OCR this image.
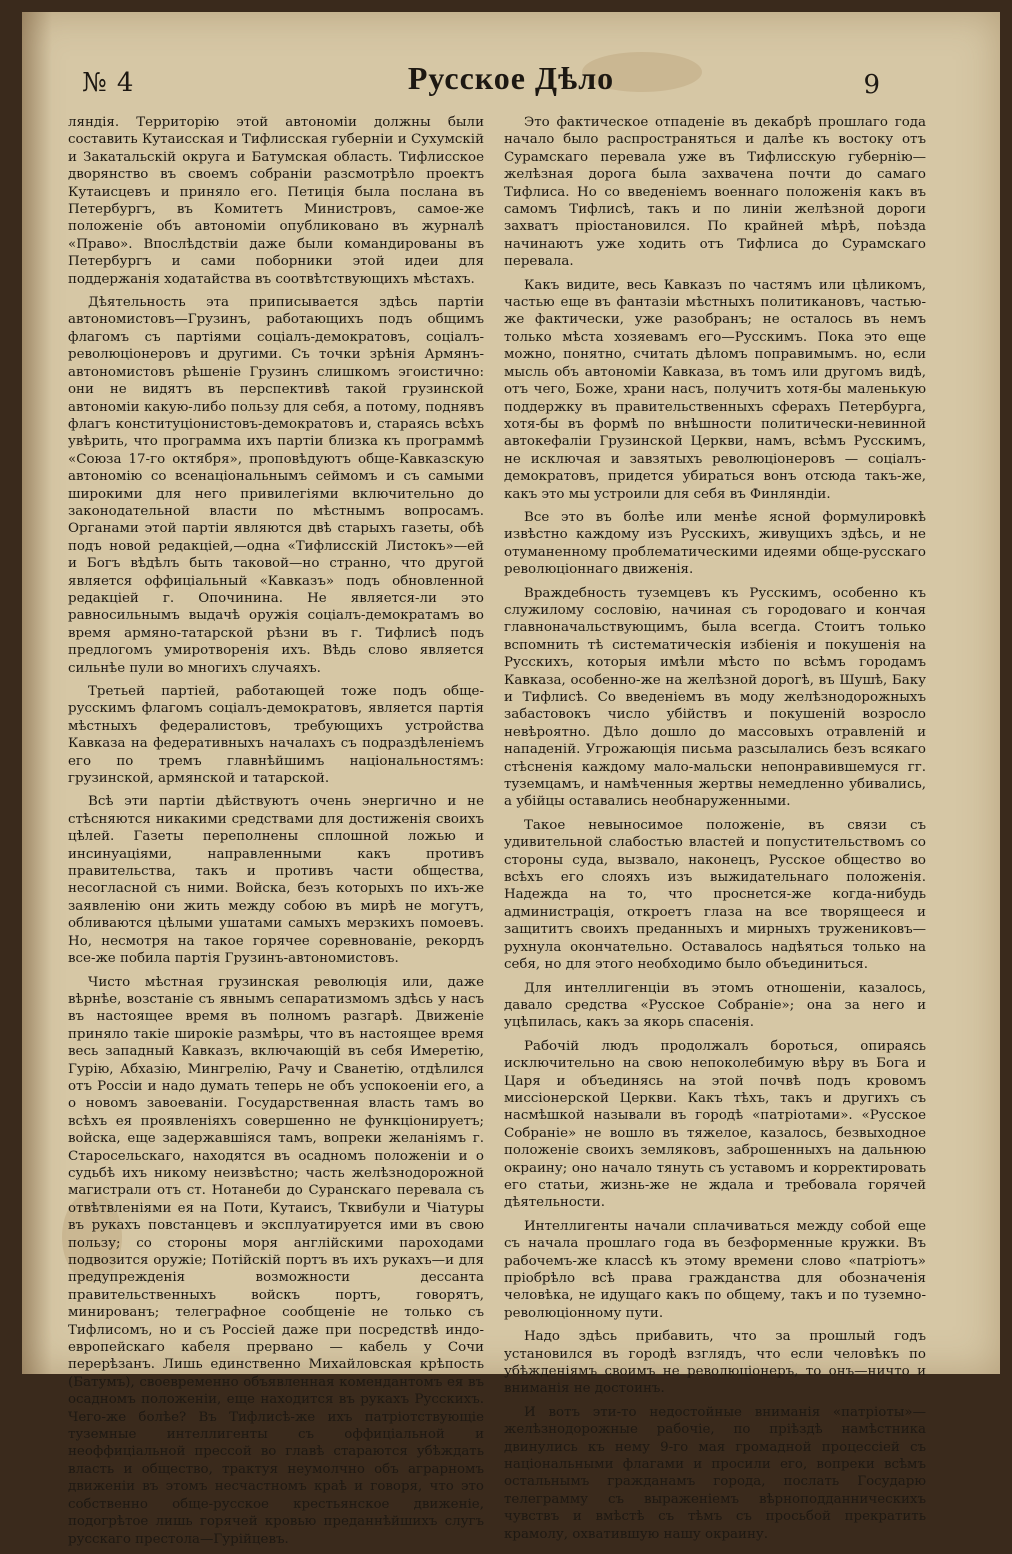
№ 4	Русское Дѣло	9

ляндія. Территорію этой автономіи должны были составить Кутаисская и Тифлисская губерніи и Сухумскій и Закатальскій округа и Батумская область. Тифлисское дворянство въ своемъ собраніи разсмотрѣло проектъ Кутаисцевъ и приняло его. Петиція была послана въ Петербургъ, въ Комитетъ Министровъ, самое-же положеніе объ автономіи опубликовано въ журналѣ «Право». Впослѣдствіи даже были командированы въ Петербургъ и сами поборники этой идеи для поддержанія ходатайства въ соотвѣтствующихъ мѣстахъ.

Дѣятельность эта приписывается здѣсь партіи автономистовъ—Грузинъ, работающихъ подъ общимъ флагомъ съ партіями соціалъ-демократовъ, соціалъ-революціонеровъ и другими. Съ точки зрѣнія Армянъ-автономистовъ рѣшеніе Грузинъ слишкомъ эгоистично: они не видятъ въ перспективѣ такой грузинской автономіи какую-либо пользу для себя, а потому, поднявъ флагъ конституціонистовъ-демократовъ и, стараясь всѣхъ увѣрить, что программа ихъ партіи близка къ программѣ «Союза 17-го октября», проповѣдуютъ обще-Кавказскую автономію со всенаціональнымъ сеймомъ и съ самыми широкими для него привилегіями включительно до законодательной власти по мѣстнымъ вопросамъ. Органами этой партіи являются двѣ старыхъ газеты, обѣ подъ новой редакціей,—одна «Тифлисскій Листокъ»—ей и Богъ вѣдѣлъ быть таковой—но странно, что другой является оффиціальный «Кавказъ» подъ обновленной редакціей г. Опочинина. Не является-ли это равносильнымъ выдачѣ оружія соціалъ-демократамъ во время армяно-татарской рѣзни въ г. Тифлисѣ подъ предлогомъ умиротворенія ихъ. Вѣдь слово является сильнѣе пули во многихъ случаяхъ.

Третьей партіей, работающей тоже подъ обще-русскимъ флагомъ соціалъ-демократовъ, является партія мѣстныхъ федералистовъ, требующихъ устройства Кавказа на федеративныхъ началахъ съ подраздѣленіемъ его по тремъ главнѣйшимъ національностямъ: грузинской, армянской и татарской.

Всѣ эти партіи дѣйствуютъ очень энергично и не стѣсняются никакими средствами для достиженія своихъ цѣлей. Газеты переполнены сплошной ложью и инсинуаціями, направленными какъ противъ правительства, такъ и противъ части общества, несогласной съ ними. Войска, безъ которыхъ по ихъ-же заявленію они жить между собою въ мирѣ не могутъ, обливаются цѣлыми ушатами самыхъ мерзкихъ помоевъ. Но, несмотря на такое горячее соревнованіе, рекордъ все-же побила партія Грузинъ-автономистовъ.

Чисто мѣстная грузинская революція или, даже вѣрнѣе, возстаніе съ явнымъ сепаратизмомъ здѣсь у насъ въ настоящее время въ полномъ разгарѣ. Движеніе приняло такіе широкіе размѣры, что въ настоящее время весь западный Кавказъ, включающій въ себя Имеретію, Гурію, Абхазію, Мингрелію, Рачу и Сванетію, отдѣлился отъ Россіи и надо думать теперь не объ успокоеніи его, а о новомъ завоеваніи. Государственная власть тамъ во всѣхъ ея проявленіяхъ совершенно не функціонируетъ; войска, еще задержавшіяся тамъ, вопреки желаніямъ г. Старосельскаго, находятся въ осадномъ положеніи и о судьбѣ ихъ никому неизвѣстно; часть желѣзнодорожной магистрали отъ ст. Нотанеби до Суранскаго перевала съ отвѣтвленіями ея на Поти, Кутаисъ, Тквибули и Чіатуры въ рукахъ повстанцевъ и эксплуатируется ими въ свою пользу; со стороны моря англійскими пароходами подвозится оружіе; Потійскій портъ въ ихъ рукахъ—и для предупрежденія возможности дессанта правительственныхъ войскъ портъ, говорятъ, минированъ; телеграфное сообщеніе не только съ Тифлисомъ, но и съ Россіей даже при посредствѣ индо-европейскаго кабеля прервано — кабель у Сочи перерѣзанъ. Лишь единственно Михайловская крѣпость (Батумъ), своевременно объявленная комендантомъ ея въ осадномъ положеніи, еще находится въ рукахъ Русскихъ. Чего-же болѣе? Въ Тифлисѣ-же ихъ патріотствующіе туземные интеллигенты съ оффиціальной и неоффиціальной прессой во главѣ стараются убѣждать власть и общество, трактуя неумолчно объ аграрномъ движеніи въ этомъ несчастномъ краѣ и говоря, что это собственно обще-русское крестьянское движеніе, подогрѣтое лишь горячей кровью преданнѣйшихъ слугъ русскаго престола—Гурійцевъ.

Это фактическое отпаденіе въ декабрѣ прошлаго года начало было распространяться и далѣе къ востоку отъ Сурамскаго перевала уже въ Тифлисскую губернію—желѣзная дорога была захвачена почти до самаго Тифлиса. Но со введеніемъ военнаго положенія какъ въ самомъ Тифлисѣ, такъ и по линіи желѣзной дороги захватъ пріостановился. По крайней мѣрѣ, поѣзда начинаютъ уже ходить отъ Тифлиса до Сурамскаго перевала.

Какъ видите, весь Кавказъ по частямъ или цѣликомъ, частью еще въ фантазіи мѣстныхъ политикановъ, частью-же фактически, уже разобранъ; не осталось въ немъ только мѣста хозяевамъ его—Русскимъ. Пока это еще можно, понятно, считать дѣломъ поправимымъ. но, если мысль объ автономіи Кавказа, въ томъ или другомъ видѣ, отъ чего, Боже, храни насъ, получитъ хотя-бы маленькую поддержку въ правительственныхъ сферахъ Петербурга, хотя-бы въ формѣ по внѣшности политически-невинной автокефаліи Грузинской Церкви, намъ, всѣмъ Русскимъ, не исключая и завзятыхъ революціонеровъ — соціалъ-демократовъ, придется убираться вонъ отсюда такъ-же, какъ это мы устроили для себя въ Финляндіи.

Все это въ болѣе или менѣе ясной формулировкѣ извѣстно каждому изъ Русскихъ, живущихъ здѣсь, и не отуманенному проблематическими идеями обще-русскаго революціоннаго движенія.

Враждебность туземцевъ къ Русскимъ, особенно къ служилому сословію, начиная съ городоваго и кончая главноначальствующимъ, была всегда. Стоитъ только вспомнить тѣ систематическія избіенія и покушенія на Русскихъ, которыя имѣли мѣсто по всѣмъ городамъ Кавказа, особенно-же на желѣзной дорогѣ, въ Шушѣ, Баку и Тифлисѣ. Со введеніемъ въ моду желѣзнодорожныхъ забастовокъ число убійствъ и покушеній возросло невѣроятно. Дѣло дошло до массовыхъ отравленій и нападеній. Угрожающія письма разсылались безъ всякаго стѣсненія каждому мало-мальски непонравившемуся гг. туземцамъ, и намѣченныя жертвы немедленно убивались, а убійцы оставались необнаруженными.

Такое невыносимое положеніе, въ связи съ удивительной слабостью властей и попустительствомъ со стороны суда, вызвало, наконецъ, Русское общество во всѣхъ его слояхъ изъ выжидательнаго положенія. Надежда на то, что проснется-же когда-нибудь администрація, откроетъ глаза на все творящееся и защититъ своихъ преданныхъ и мирныхъ тружениковъ—рухнула окончательно. Оставалось надѣяться только на себя, но для этого необходимо было объединиться.

Для интеллигенціи въ этомъ отношеніи, казалось, давало средства «Русское Собраніе»; она за него и уцѣпилась, какъ за якорь спасенія.

Рабочій людъ продолжалъ бороться, опираясь исключительно на свою непоколебимую вѣру въ Бога и Царя и объединясь на этой почвѣ подъ кровомъ миссіонерской Церкви. Какъ тѣхъ, такъ и другихъ съ насмѣшкой называли въ городѣ «патріотами». «Русское Собраніе» не вошло въ тяжелое, казалось, безвыходное положеніе своихъ земляковъ, заброшенныхъ на дальнюю окраину; оно начало тянуть съ уставомъ и корректировать его статьи, жизнь-же не ждала и требовала горячей дѣятельности.

Интеллигенты начали сплачиваться между собой еще съ начала прошлаго года въ безформенные кружки. Въ рабочемъ-же классѣ къ этому времени слово «патріотъ» пріобрѣло всѣ права гражданства для обозначенія человѣка, не идущаго какъ по общему, такъ и по туземно-революціонному пути.

Надо здѣсь прибавить, что за прошлый годъ установился въ городѣ взглядъ, что если человѣкъ по убѣжденіямъ своимъ не революціонеръ, то онъ—ничто и вниманія не достоинъ.

И вотъ эти-то недостойные вниманія «патріоты»—желѣзнодорожные рабочіе, по пріѣздѣ намѣстника двинулись къ нему 9-го мая громадной процессіей съ національными флагами и просили его, вопреки всѣмъ остальнымъ гражданамъ города, послать Государю телеграмму съ выраженіемъ вѣрноподданническихъ чувствъ и вмѣстѣ съ тѣмъ съ просьбой прекратить крамолу, охватившую нашу окраину.
